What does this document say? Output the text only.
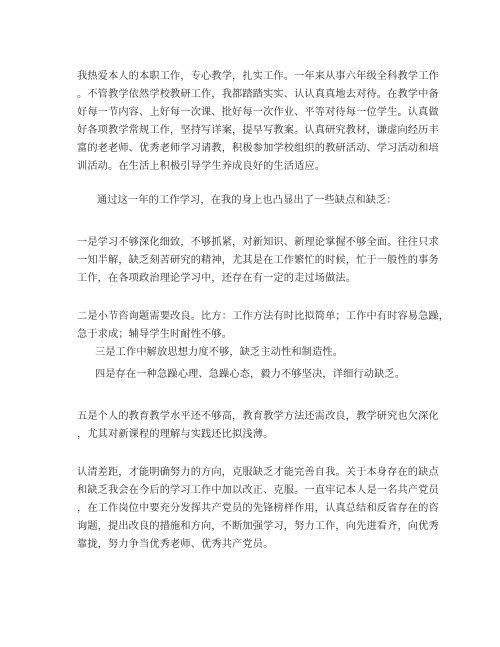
我热爱本人的本职工作，专心教学，扎实工作。一年来从事六年级全科教学工作
。不管教学依然学校教研工作，我都踏踏实实、认认真真地去对待。在教学中备
好每一节内容、上好每一次课、批好每一次作业、平等对待每一位学生。认真做
好各项教学常规工作，坚持写详案，提早写教案。认真研究教材，谦虚向经历丰
富的老老师、优秀老师学习请教，积极参加学校组织的教研活动、学习活动和培
训活动。在生活上积极引导学生养成良好的生活适应。
通过这一年的工作学习，在我的身上也凸显出了一些缺点和缺乏：
一是学习不够深化细致，不够抓紧，对新知识、新理论掌握不够全面。往往只求
一知半解，缺乏刻苦研究的精神，尤其是在工作繁忙的时候，忙于一般性的事务
工作，在各项政治理论学习中，还存在有一定的走过场做法。
二是小节咨询题需要改良。比方：工作方法有时比拟简单；工作中有时容易急躁，
急于求成；辅导学生时耐性不够。
三是工作中解放思想力度不够，缺乏主动性和制造性。
四是存在一种急躁心理、急躁心态，毅力不够坚决，详细行动缺乏。
五是个人的教育教学水平还不够高，教育教学方法还需改良，教学研究也欠深化
，尤其对新课程的理解与实践还比拟浅薄。
认清差距，才能明确努力的方向，克服缺乏才能完善自我。关于本身存在的缺点
和缺乏我会在今后的学习工作中加以改正、克服。一直牢记本人是一名共产党员
，在工作岗位中要充分发挥共产党员的先锋榜样作用，认真总结和反省存在的咨
询题，提出改良的措施和方向，不断加强学习，努力工作，向先进看齐，向优秀
靠拢，努力争当优秀老师、优秀共产党员。
